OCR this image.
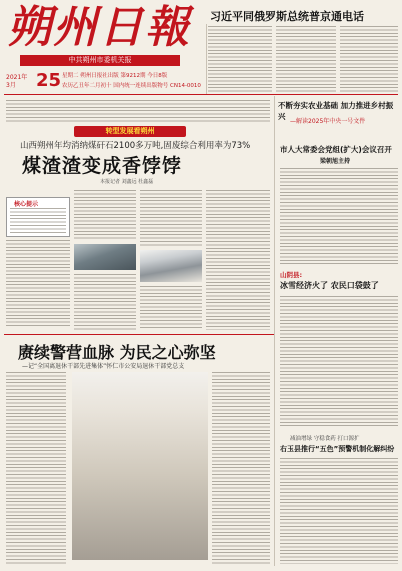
朔州日報
中共朔州市委机关报
2021年
3月	25 星期二 朔州日报社出版 第9212期 今日8版
农历乙丑年二月初十 国内统一连续出版物号 CN14-0010
习近平同俄罗斯总统普京通电话
转型发展看朔州
山西朔州年均消纳煤矸石2100多万吨,固废综合利用率为73%
煤渣渣变成香饽饽
本报记者 刘鑫远 杜鑫磊
核心提示
赓续警营血脉 为民之心弥坚
—记“全国离退休干部先进集体”怀仁市公安局退休干部党总支
不断夯实农业基础 加力推进乡村振兴
—解读2025年中央一号文件
市人大常委会党组(扩大)会议召开
梁朝旭主持
山阴县:
冰雪经济火了 农民口袋鼓了
减油增绿 守稳食药 打口源扩
右玉县推行“五色”预警机制化解纠纷
